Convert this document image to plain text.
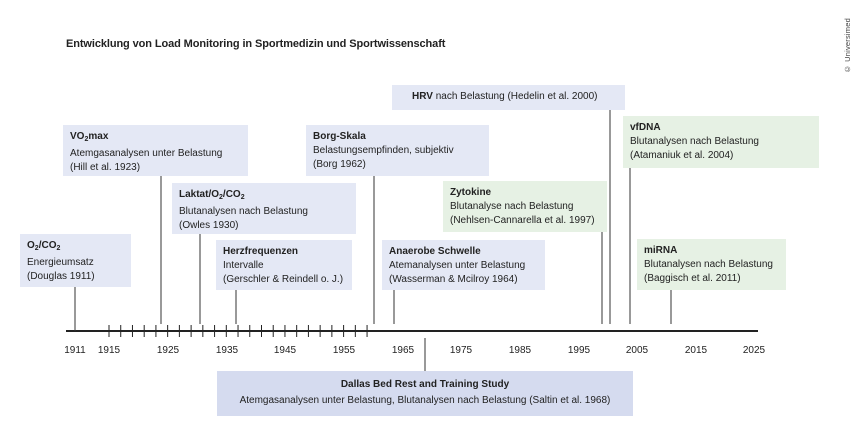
Entwicklung von Load Monitoring in Sportmedizin und Sportwissenschaft	© Universimed
1911 1915	1925	1935	1945	1955	1965	1975	1985	1995	2005	2015	2025
$O_2/CO_2$
Energieumsatz
(Douglas 1911)
$VO_2\max$
Atemgasanalysen unter Belastung
(Hill et al. 1923)
Laktat/$O_2/CO_2$
Blutanalysen nach Belastung
(Owles 1930)
Herzfrequenzen
Intervalle
(Gerschler & Reindell o. J.)
Borg-Skala
Belastungsempfinden, subjektiv
(Borg 1962)
HRV nach Belastung (Hedelin et al. 2000)
Anaerobe Schwelle
Atemanalysen unter Belastung
(Wasserman & Mcilroy 1964)
Zytokine
Blutanalyse nach Belastung
(Nehlsen-Cannarella et al. 1997)
vfDNA
Blutanalysen nach Belastung
(Atamaniuk et al. 2004)
miRNA
Blutanalysen nach Belastung
(Baggisch et al. 2011)
Dallas Bed Rest and Training Study
Atemgasanalysen unter Belastung, Blutanalysen nach Belastung (Saltin et al. 1968)
